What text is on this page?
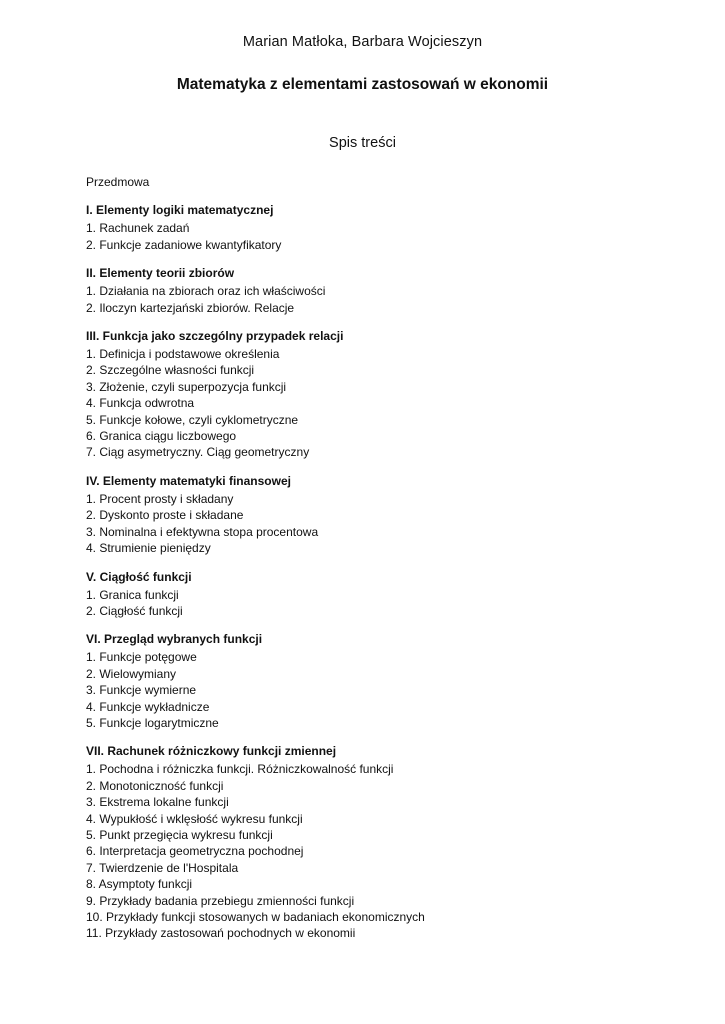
Marian Matłoka, Barbara Wojcieszyn
Matematyka z elementami zastosowań w ekonomii
Spis treści
Przedmowa
I. Elementy logiki matematycznej
1. Rachunek zadań
2. Funkcje zadaniowe kwantyfikatory
II. Elementy teorii zbiorów
1. Działania na zbiorach oraz ich właściwości
2. Iloczyn kartezjański zbiorów. Relacje
III. Funkcja jako szczególny przypadek relacji
1. Definicja i podstawowe określenia
2. Szczególne własności funkcji
3. Złożenie, czyli superpozycja funkcji
4. Funkcja odwrotna
5. Funkcje kołowe, czyli cyklometryczne
6. Granica ciągu liczbowego
7. Ciąg asymetryczny. Ciąg geometryczny
IV. Elementy matematyki finansowej
1. Procent prosty i składany
2. Dyskonto proste i składane
3. Nominalna i efektywna stopa procentowa
4. Strumienie pieniędzy
V. Ciągłość funkcji
1. Granica funkcji
2. Ciągłość funkcji
VI. Przegląd wybranych funkcji
1. Funkcje potęgowe
2. Wielowymiany
3. Funkcje wymierne
4. Funkcje wykładnicze
5. Funkcje logarytmiczne
VII. Rachunek różniczkowy funkcji zmiennej
1. Pochodna i różniczka funkcji. Różniczkowalność funkcji
2. Monotoniczność funkcji
3. Ekstrema lokalne funkcji
4. Wypukłość i wklęsłość wykresu funkcji
5. Punkt przegięcia wykresu funkcji
6. Interpretacja geometryczna pochodnej
7. Twierdzenie de l'Hospitala
8. Asymptoty funkcji
9. Przykłady badania przebiegu zmienności funkcji
10. Przykłady funkcji stosowanych w badaniach ekonomicznych
11. Przykłady zastosowań pochodnych w ekonomii
